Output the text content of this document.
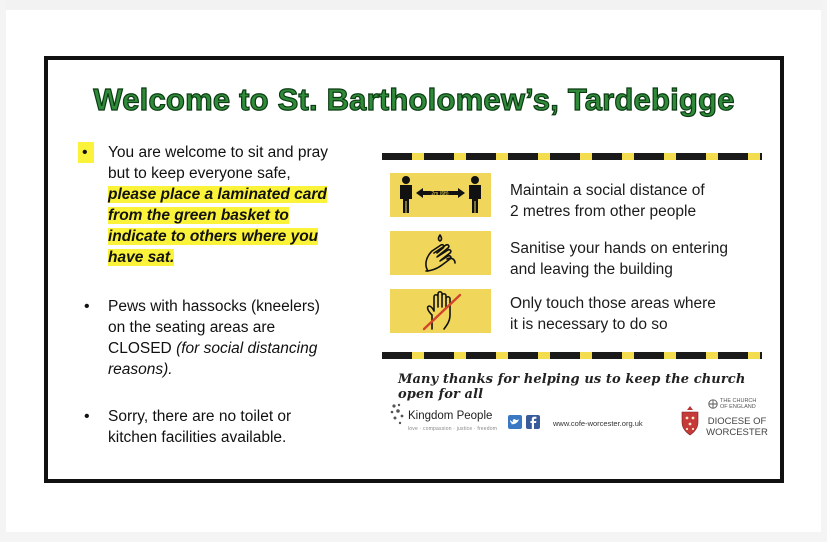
Welcome to St. Bartholomew’s, Tardebigge
•	You are welcome to sit and pray
but to keep everyone safe,
please place a laminated card
from the green basket to
indicate to others where you
have sat.
• Pews with hassocks (kneelers)
on the seating areas are
CLOSED (for social distancing
reasons).
• Sorry, there are no toilet or
kitchen facilities available.
2m (6ft)	Maintain a social distance of
2 metres from other people
Sanitise your hands on entering
and leaving the building
Only touch those areas where
it is necessary to do so
Many thanks for helping us to keep the church open for all
Kingdom People
love · compassion · justice · freedom
www.cofe-worcester.org.uk
THE CHURCH
OF ENGLAND
DIOCESE OF
WORCESTER
